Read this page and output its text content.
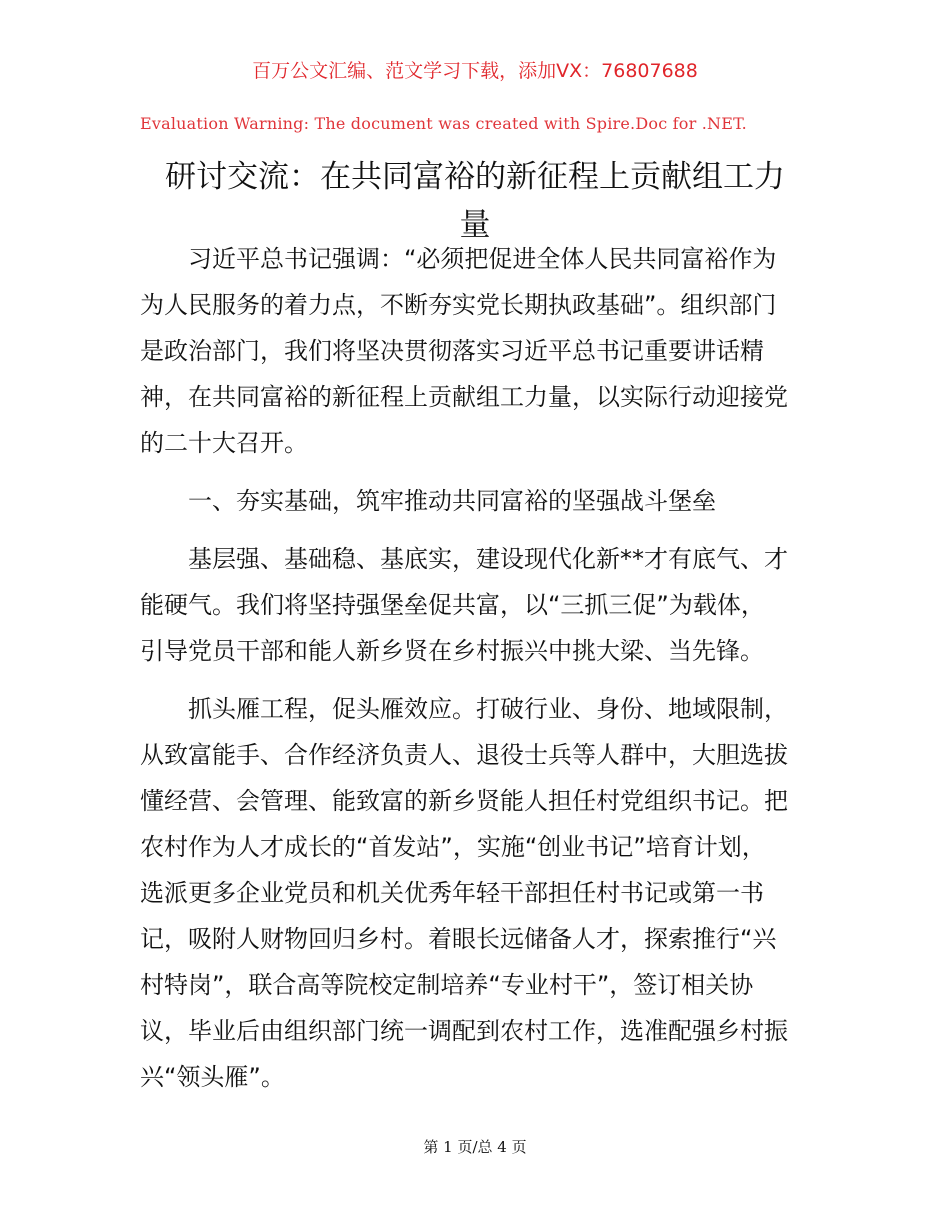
百万公文汇编、范文学习下载，添加VX：76807688
Evaluation Warning: The document was created with Spire.Doc for .NET.
研讨交流：在共同富裕的新征程上贡献组工力
量
习近平总书记强调：“必须把促进全体人民共同富裕作为
为人民服务的着力点，不断夯实党长期执政基础”。组织部门
是政治部门，我们将坚决贯彻落实习近平总书记重要讲话精
神，在共同富裕的新征程上贡献组工力量，以实际行动迎接党
的二十大召开。
一、夯实基础，筑牢推动共同富裕的坚强战斗堡垒
基层强、基础稳、基底实，建设现代化新**才有底气、才
能硬气。我们将坚持强堡垒促共富，以“三抓三促”为载体，
引导党员干部和能人新乡贤在乡村振兴中挑大梁、当先锋。
抓头雁工程，促头雁效应。打破行业、身份、地域限制，
从致富能手、合作经济负责人、退役士兵等人群中，大胆选拔
懂经营、会管理、能致富的新乡贤能人担任村党组织书记。把
农村作为人才成长的“首发站”，实施“创业书记”培育计划，
选派更多企业党员和机关优秀年轻干部担任村书记或第一书
记，吸附人财物回归乡村。着眼长远储备人才，探索推行“兴
村特岗”，联合高等院校定制培养“专业村干”，签订相关协
议，毕业后由组织部门统一调配到农村工作，选准配强乡村振
兴“领头雁”。
第 1 页/总 4 页
